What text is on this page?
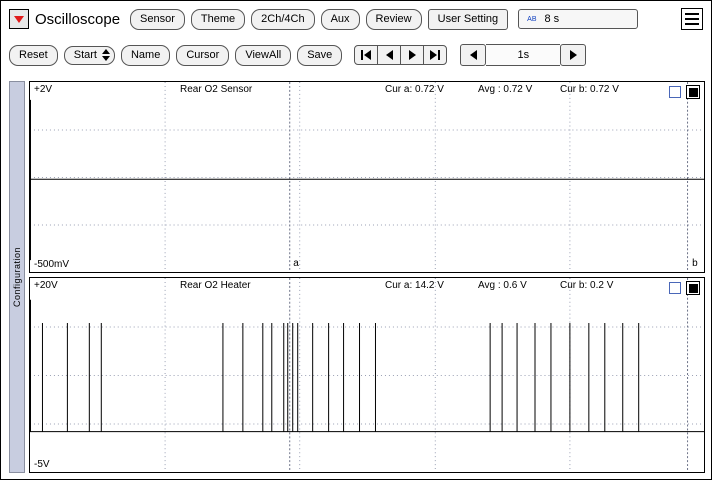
Oscilloscope	Sensor	Theme	2Ch/4Ch	Aux	Review	User Setting	AB 8 s
Reset	Start	Name	Cursor	ViewAll	Save	1s
Configuration
+2V	Rear O2 Sensor	Cur a: 0.72 V	Avg : 0.72 V	Cur b: 0.72 V
-500mV	a	b
+20V	Rear O2 Heater	Cur a: 14.2 V	Avg : 0.6 V	Cur b: 0.2 V
-5V
